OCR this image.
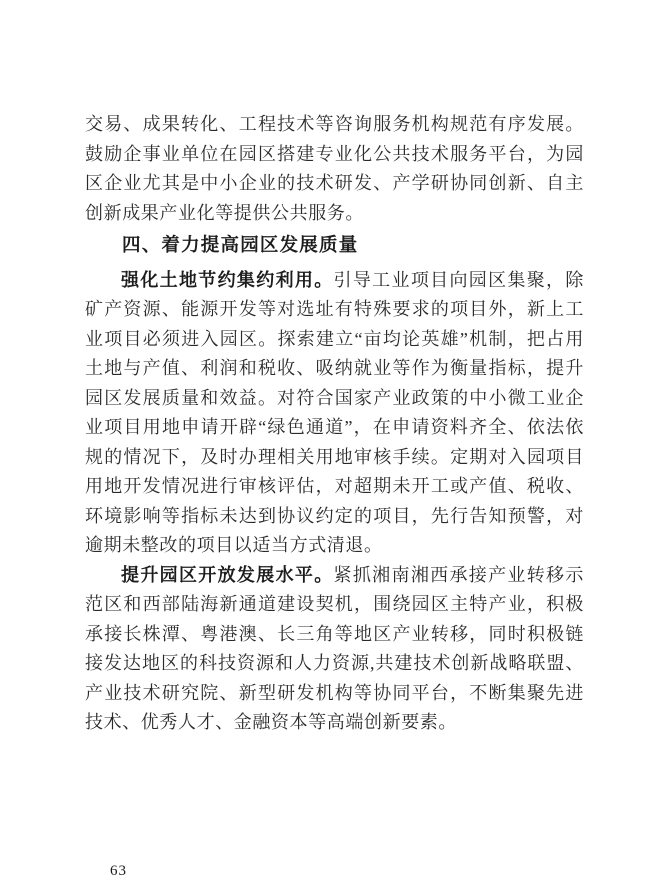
交易、成果转化、工程技术等咨询服务机构规范有序发展。鼓励企事业单位在园区搭建专业化公共技术服务平台，为园区企业尤其是中小企业的技术研发、产学研协同创新、自主创新成果产业化等提供公共服务。

四、着力提高园区发展质量

强化土地节约集约利用。引导工业项目向园区集聚，除矿产资源、能源开发等对选址有特殊要求的项目外，新上工业项目必须进入园区。探索建立“亩均论英雄”机制，把占用土地与产值、利润和税收、吸纳就业等作为衡量指标，提升园区发展质量和效益。对符合国家产业政策的中小微工业企业项目用地申请开辟“绿色通道”，在申请资料齐全、依法依规的情况下，及时办理相关用地审核手续。定期对入园项目用地开发情况进行审核评估，对超期未开工或产值、税收、环境影响等指标未达到协议约定的项目，先行告知预警，对逾期未整改的项目以适当方式清退。

提升园区开放发展水平。紧抓湘南湘西承接产业转移示范区和西部陆海新通道建设契机，围绕园区主特产业，积极承接长株潭、粤港澳、长三角等地区产业转移，同时积极链接发达地区的科技资源和人力资源,共建技术创新战略联盟、产业技术研究院、新型研发机构等协同平台，不断集聚先进技术、优秀人才、金融资本等高端创新要素。

63
